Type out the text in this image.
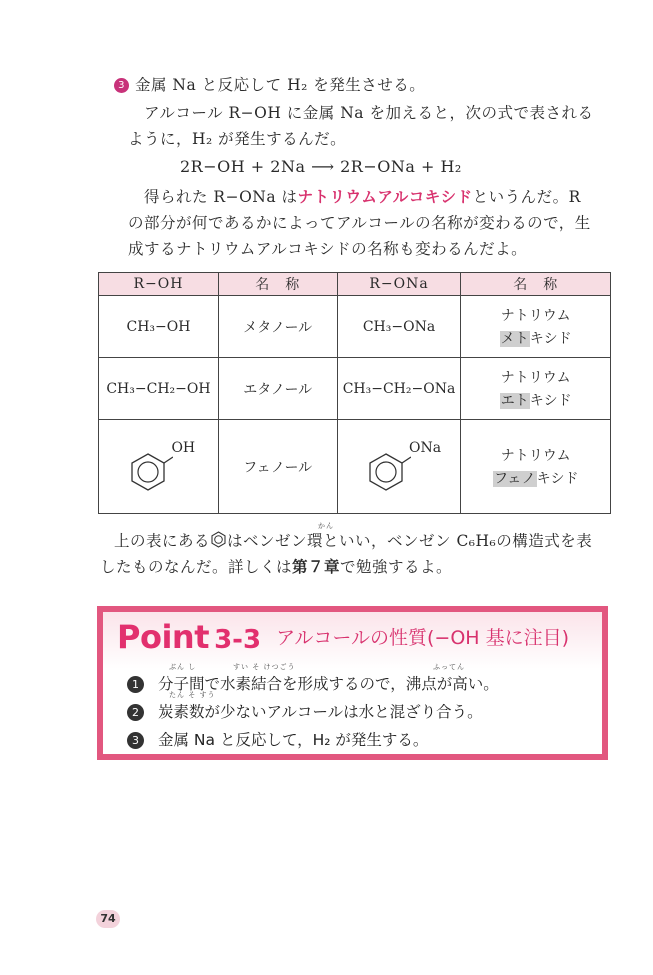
3 金属 Na と反応して H₂ を発生させる。
アルコール R−OH に金属 Na を加えると，次の式で表される
ように，H₂ が発生するんだ。
2R−OH + 2Na ⟶ 2R−ONa + H₂
得られた R−ONa はナトリウムアルコキシドというんだ。R
の部分が何であるかによってアルコールの名称が変わるので，生
成するナトリウムアルコキシドの名称も変わるんだよ。
R−OH	名　称	R−ONa	名　称
CH₃−OH	メタノール	CH₃−ONa	ナトリウム
メトキシド

CH₃−CH₂−OH	エタノール	CH₃−CH₂−ONa	ナトリウム
エトキシド

OH	フェノール	ONa	ナトリウム
フェノキシド
かん
上の表にある はベンゼン環といい，ベンゼン C₆H₆の構造式を表
したものなんだ。詳しくは第７章で勉強するよ。
Point 3-3 アルコールの性質(−OH 基に注目)
ぶん し	すい そ けつごう	ふってん
1 分子間で水素結合を形成するので，沸点が高い。
たん そ すう
2 炭素数が少ないアルコールは水と混ざり合う。
3 金属 Na と反応して，H₂ が発生する。
74
